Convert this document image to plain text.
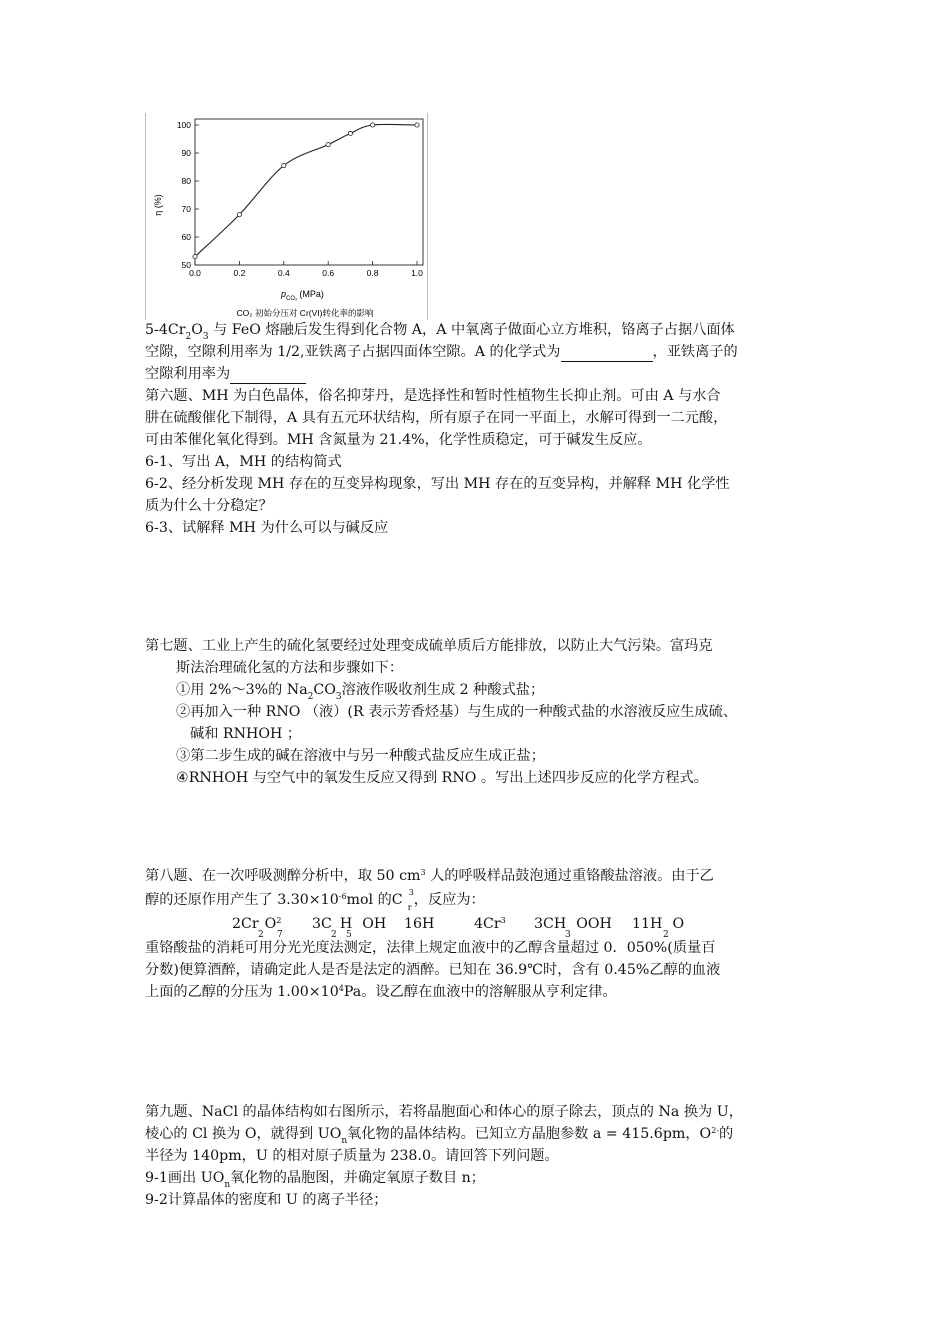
50
60
70
80
90
100
0.0	0.2	0.4	0.6	0.8	1.0
η (%)
$p_{CO_2}$ (MPa)
CO₂ 初始分压对 Cr(VI)转化率的影响
$5-4Cr_2O_3$ 与 FeO 熔融后发生得到化合物 A，A 中氧离子做面心立方堆积，铬离子占据八面体
空隙，空隙利用率为 1/2,亚铁离子占据四面体空隙。A 的化学式为	，亚铁离子的
空隙利用率为
第六题、MH 为白色晶体，俗名抑芽丹，是选择性和暂时性植物生长抑止剂。可由 A 与水合
肼在硫酸催化下制得，A 具有五元环状结构，所有原子在同一平面上，水解可得到一二元酸，
可由苯催化氧化得到。MH 含氮量为 21.4%，化学性质稳定，可于碱发生反应。
6-1、写出 A，MH 的结构简式
6-2、经分析发现 MH 存在的互变异构现象，写出 MH 存在的互变异构，并解释 MH 化学性
质为什么十分稳定？
6-3、试解释 MH 为什么可以与碱反应
第七题、工业上产生的硫化氢要经过处理变成硫单质后方能排放，以防止大气污染。富玛克
斯法治理硫化氢的方法和步骤如下：
①用 2%～3%的 $Na_2CO_3$溶液作吸收剂生成 2 种酸式盐；
②再加入一种 RNO （液）(R 表示芳香烃基）与生成的一种酸式盐的水溶液反应生成硫、
碱和 RNHOH ；
③第二步生成的碱在溶液中与另一种酸式盐反应生成正盐；
④RNHOH 与空气中的氧发生反应又得到 RNO 。写出上述四步反应的化学方程式。
第八题、在一次呼吸测醉分析中，取 50 $cm^3$ 人的呼吸样品鼓泡通过重铬酸盐溶液。由于乙
醇的还原作用产生了 $3.30\times 10^{-6}mol$ 的C 3
r ，反应为：
2Cr $O^2$
2 7
3C H OH
2 5
16H	4Cr$^3$ 3CH OOH
3
11H O
2
重铬酸盐的消耗可用分光光度法测定，法律上规定血液中的乙醇含量超过 0．050%(质量百
分数)便算酒醉，请确定此人是否是法定的酒醉。已知在 36.9℃时，含有 0.45%乙醇的血液
上面的乙醇的分压为 $1.00\times 10^4Pa$。设乙醇在血液中的溶解服从亨利定律。
第九题、NaCl 的晶体结构如右图所示，若将晶胞面心和体心的原子除去，顶点的 Na 换为 U，
棱心的 Cl 换为 O，就得到 $UO_n$氧化物的晶体结构。已知立方晶胞参数 a = 415.6pm，$O^{2-}$的
半径为 140pm，U 的相对原子质量为 238.0。请回答下列问题。
9-1画出 $UO_n$氧化物的晶胞图，并确定氧原子数目 n；
9-2计算晶体的密度和 U 的离子半径；
